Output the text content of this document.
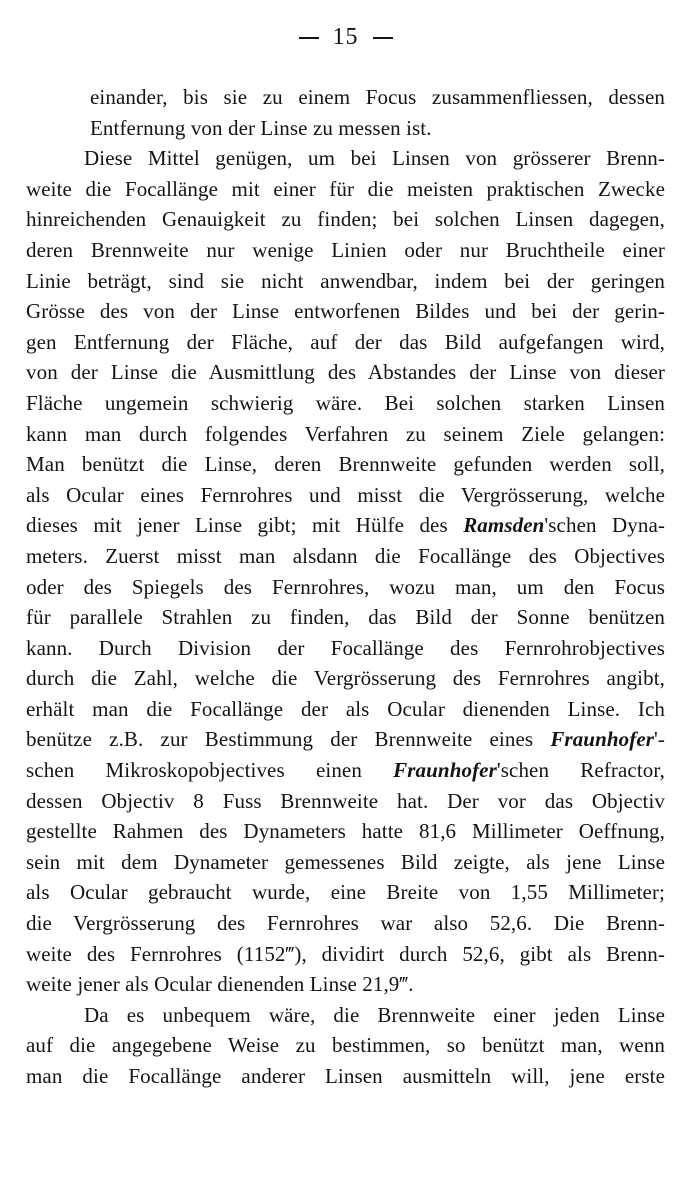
15
einander, bis sie zu einem Focus zusammenfliessen, dessen
Entfernung von der Linse zu messen ist.
Diese Mittel genügen, um bei Linsen von grösserer Brenn-
weite die Focallänge mit einer für die meisten praktischen Zwecke
hinreichenden Genauigkeit zu finden; bei solchen Linsen dagegen,
deren Brennweite nur wenige Linien oder nur Bruchtheile einer
Linie beträgt, sind sie nicht anwendbar, indem bei der geringen
Grösse des von der Linse entworfenen Bildes und bei der gerin-
gen Entfernung der Fläche, auf der das Bild aufgefangen wird,
von der Linse die Ausmittlung des Abstandes der Linse von dieser
Fläche ungemein schwierig wäre. Bei solchen starken Linsen
kann man durch folgendes Verfahren zu seinem Ziele gelangen:
Man benützt die Linse, deren Brennweite gefunden werden soll,
als Ocular eines Fernrohres und misst die Vergrösserung, welche
dieses mit jener Linse gibt; mit Hülfe des Ramsden'schen Dyna-
meters. Zuerst misst man alsdann die Focallänge des Objectives
oder des Spiegels des Fernrohres, wozu man, um den Focus
für parallele Strahlen zu finden, das Bild der Sonne benützen
kann. Durch Division der Focallänge des Fernrohrobjectives
durch die Zahl, welche die Vergrösserung des Fernrohres angibt,
erhält man die Focallänge der als Ocular dienenden Linse. Ich
benütze z.B. zur Bestimmung der Brennweite eines Fraunhofer'-
schen Mikroskopobjectives einen Fraunhofer'schen Refractor,
dessen Objectiv 8 Fuss Brennweite hat. Der vor das Objectiv
gestellte Rahmen des Dynameters hatte 81,6 Millimeter Oeffnung,
sein mit dem Dynameter gemessenes Bild zeigte, als jene Linse
als Ocular gebraucht wurde, eine Breite von 1,55 Millimeter;
die Vergrösserung des Fernrohres war also 52,6. Die Brenn-
weite des Fernrohres (1152‴), dividirt durch 52,6, gibt als Brenn-
weite jener als Ocular dienenden Linse 21,9‴.
Da es unbequem wäre, die Brennweite einer jeden Linse
auf die angegebene Weise zu bestimmen, so benützt man, wenn
man die Focallänge anderer Linsen ausmitteln will, jene erste
